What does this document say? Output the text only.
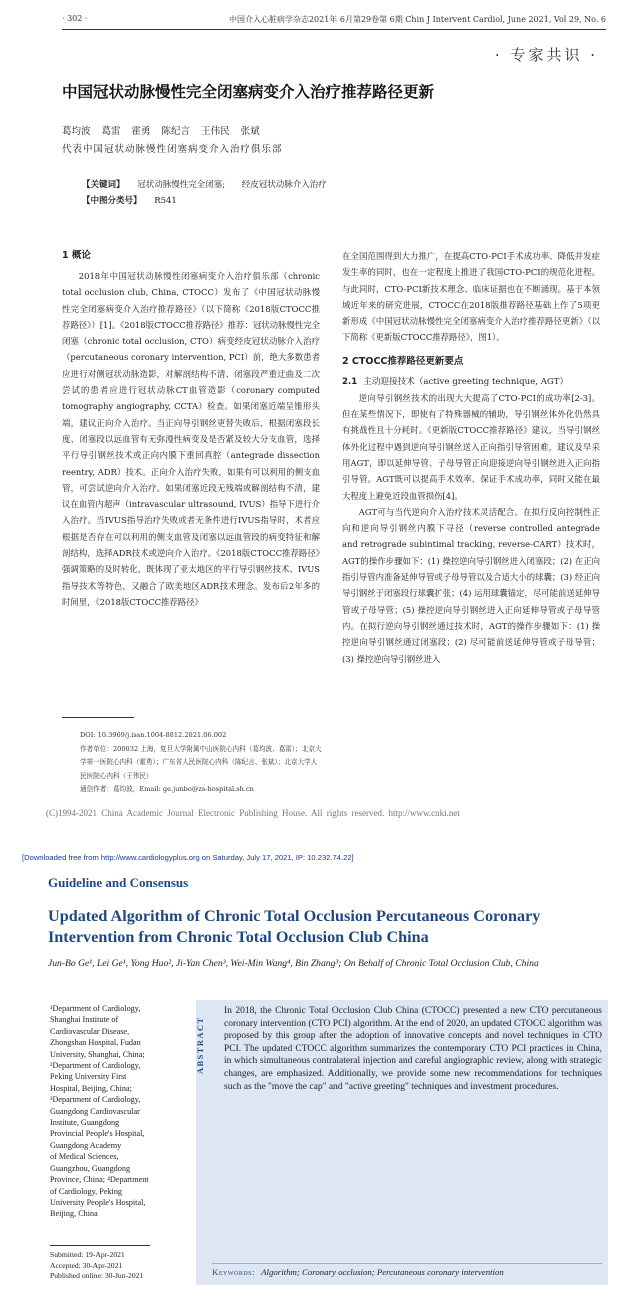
· 302 ·	中国介入心脏病学杂志2021年 6月第29卷第 6期 Chin J Intervent Cardiol, June 2021, Vol 29, No. 6
· 专家共识 ·
中国冠状动脉慢性完全闭塞病变介入治疗推荐路径更新
葛均波 葛雷 霍勇 陈纪言 王伟民 张斌
代表中国冠状动脉慢性闭塞病变介入治疗俱乐部
【关键词】 冠状动脉慢性完全闭塞; 经皮冠状动脉介入治疗
【中图分类号】 R541
1 概论

2018年中国冠状动脉慢性闭塞病变介入治疗俱乐部（chronic total occlusion club, China, CTOCC）发布了《中国冠状动脉慢性完全闭塞病变介入治疗推荐路径》（以下简称《2018版CTOCC推荐路径》）[1]。《2018版CTOCC推荐路径》推荐：冠状动脉慢性完全闭塞（chronic total occlusion, CTO）病变经皮冠状动脉介入治疗（percutaneous coronary intervention, PCI）前，绝大多数患者应进行对侧冠状动脉造影，对解剖结构不清、闭塞段严重迂曲及二次尝试的患者应进行冠状动脉CT血管造影（coronary computed tomography angiography, CCTA）检查。如果闭塞近端呈锥形头端，建议正向介入治疗。当正向导引钢丝更替失败后，根据闭塞段长度、闭塞段以远血管有无弥漫性病变及是否紧及较大分支血管，选择平行导引钢丝技术或正向内膜下重回真腔（antegrade dissection reentry, ADR）技术。正向介入治疗失败，如果有可以利用的侧支血管，可尝试逆向介入治疗。如果闭塞近段无残端或解剖结构不清，建议在血管内超声（intravascular ultrasound, IVUS）指导下进行介入治疗。当IVUS指导治疗失败或者无条件进行IVUS指导时，术者应根据是否存在可以利用的侧支血管及闭塞以远血管段的病变特征和解剖结构，选择ADR技术或逆向介入治疗。《2018版CTOCC推荐路径》强调策略的及时转化，既体现了亚太地区的平行导引钢丝技术、IVUS指导技术等特色，又融合了欧美地区ADR技术理念。发布后2年多的时间里，《2018版CTOCC推荐路径》

在全国范围得到大力推广，在提高CTO-PCI手术成功率、降低并发症发生率的同时，也在一定程度上推进了我国CTO-PCI的规范化进程。与此同时，CTO-PCI新技术理念、临床证据也在不断涌现。基于本领域近年来的研究进展，CTOCC在2018版推荐路径基础上作了5项更新形成《中国冠状动脉慢性完全闭塞病变介入治疗推荐路径更新》（以下简称《更新版CTOCC推荐路径》，图1）。

2 CTOCC推荐路径更新要点
2.1 主动迎接技术（active greeting technique, AGT）

逆向导引钢丝技术的出现大大提高了CTO-PCI的成功率[2-3]。但在某些情况下，即使有了特殊器械的辅助，导引钢丝体外化仍然具有挑战性且十分耗时。《更新版CTOCC推荐路径》建议，当导引钢丝体外化过程中遇到逆向导引钢丝送入正向指引导管困难，建议及早采用AGT，即以延伸导管、子母导管正向迎接逆向导引钢丝进入正向指引导管。AGT既可以提高手术效率、保证手术成功率，同时又能在最大程度上避免近段血管损伤[4]。

AGT可与当代逆向介入治疗技术灵活配合。在拟行反向控制性正向和逆向导引钢丝内膜下寻径（reverse controlled antegrade and retrograde subintimal tracking, reverse-CART）技术时，AGT的操作步骤如下：(1) 操控逆向导引钢丝进入闭塞段；(2) 在正向指引导管内准备延伸导管或子母导管以及合适大小的球囊；(3) 经正向导引钢丝于闭塞段行球囊扩张；(4) 运用球囊锚定，尽可能前送延伸导管或子母导管；(5) 操控逆向导引钢丝进入正向延伸导管或子母导管内。在拟行逆向导引钢丝通过技术时，AGT的操作步骤如下：(1) 操控逆向导引钢丝通过闭塞段；(2) 尽可能前送延伸导管或子母导管；(3) 操控逆向导引钢丝进入

DOI: 10.3969/j.issn.1004-8812.2021.06.002
作者单位：200032 上海，复旦大学附属中山医院心内科（葛均波、葛雷）；北京大学第一医院心内科（霍勇）；广东省人民医院心内科（陈纪言、张斌）；北京大学人民医院心内科（王伟民）
通信作者：葛均波，Email: ge.junbo@zs-hospital.sh.cn
(C)1994-2021 China Academic Journal Electronic Publishing House. All rights reserved. http://www.cnki.net
[Downloaded free from http://www.cardiologyplus.org on Saturday, July 17, 2021, IP: 10.232.74.22]
Guideline and Consensus
Updated Algorithm of Chronic Total Occlusion Percutaneous Coronary Intervention from Chronic Total Occlusion Club China
Jun-Bo Ge¹, Lei Ge¹, Yong Huo², Ji-Yan Chen³, Wei-Min Wang⁴, Bin Zhang³; On Behalf of Chronic Total Occlusion Club, China
¹Department of Cardiology,
Shanghai Institute of
Cardiovascular Disease,
Zhongshan Hospital, Fudan
University, Shanghai, China;
²Department of Cardiology,
Peking University First
Hospital, Beijing, China;
³Department of Cardiology,
Guangdong Cardiovascular
Institute, Guangdong
Provincial People's Hospital,
Guangdong Academy
of Medical Sciences,
Guangzhou, Guangdong
Province, China; ⁴Department
of Cardiology, Peking
University People's Hospital,
Beijing, China
Submitted: 19-Apr-2021
Accepted: 30-Apr-2021
Published online: 30-Jun-2021
ABSTRACT
In 2018, the Chronic Total Occlusion Club China (CTOCC) presented a new CTO percutaneous coronary intervention (CTO PCI) algorithm. At the end of 2020, an updated CTOCC algorithm was proposed by this group after the adoption of innovative concepts and novel techniques in CTO PCI. The updated CTOCC algorithm summarizes the contemporary CTO PCI practices in China, in which simultaneous contralateral injection and careful angiographic review, along with strategic changes, are emphasized. Additionally, we provide some new recommendations for techniques such as the "move the cap" and "active greeting" techniques and investment procedures.
Keywords: Algorithm; Coronary occlusion; Percutaneous coronary intervention
